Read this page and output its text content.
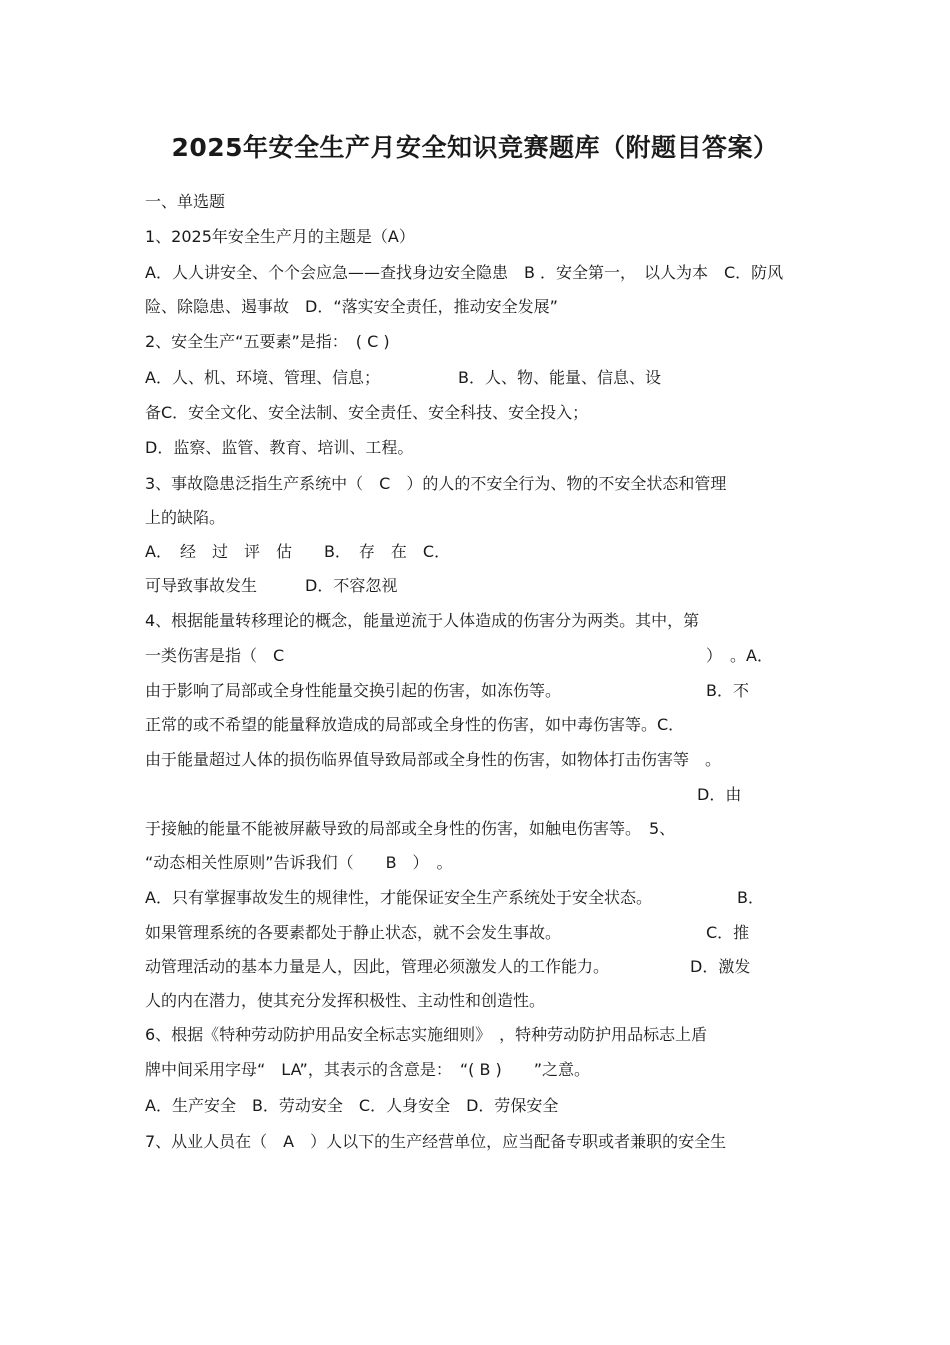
2025年安全生产月安全知识竞赛题库（附题目答案）
一、单选题
1、2025年安全生产月的主题是（A）
A．人人讲安全、个个会应急——查找身边安全隐患　B ．安全第一，　以人为本　C．防风
险、除隐患、遏事故　D．“落实安全责任，推动安全发展”
2、安全生产“五要素”是指：　( C )
A．人、机、环境、管理、信息；	B．人、物、能量、信息、设
备C．安全文化、安全法制、安全责任、安全科技、安全投入；
D．监察、监管、教育、培训、工程。
3、事故隐患泛指生产系统中（　C　）的人的不安全行为、物的不安全状态和管理
上的缺陷。
A．　经　过　评　估　　B．　存　在　C．
可导致事故发生　　　D．不容忽视
4、根据能量转移理论的概念，能量逆流于人体造成的伤害分为两类。其中，第
一类伤害是指（　C	）　。A．
由于影响了局部或全身性能量交换引起的伤害，如冻伤等。	B．不
正常的或不希望的能量释放造成的局部或全身性的伤害，如中毒伤害等。C．
由于能量超过人体的损伤临界值导致局部或全身性的伤害，如物体打击伤害等　。
D．由
于接触的能量不能被屏蔽导致的局部或全身性的伤害，如触电伤害等。　5、
“动态相关性原则”告诉我们（　　B　）　。
A．只有掌握事故发生的规律性，才能保证安全生产系统处于安全状态。	B．
如果管理系统的各要素都处于静止状态，就不会发生事故。	C．推
动管理活动的基本力量是人，因此，管理必须激发人的工作能力。	D．激发
人的内在潜力，使其充分发挥积极性、主动性和创造性。
6、根据《特种劳动防护用品安全标志实施细则》　，特种劳动防护用品标志上盾
牌中间采用字母“　LA”，其表示的含意是：　“( B )　　”之意。
A．生产安全　B．劳动安全　C．人身安全　D．劳保安全
7、从业人员在（　A　）人以下的生产经营单位，应当配备专职或者兼职的安全生
